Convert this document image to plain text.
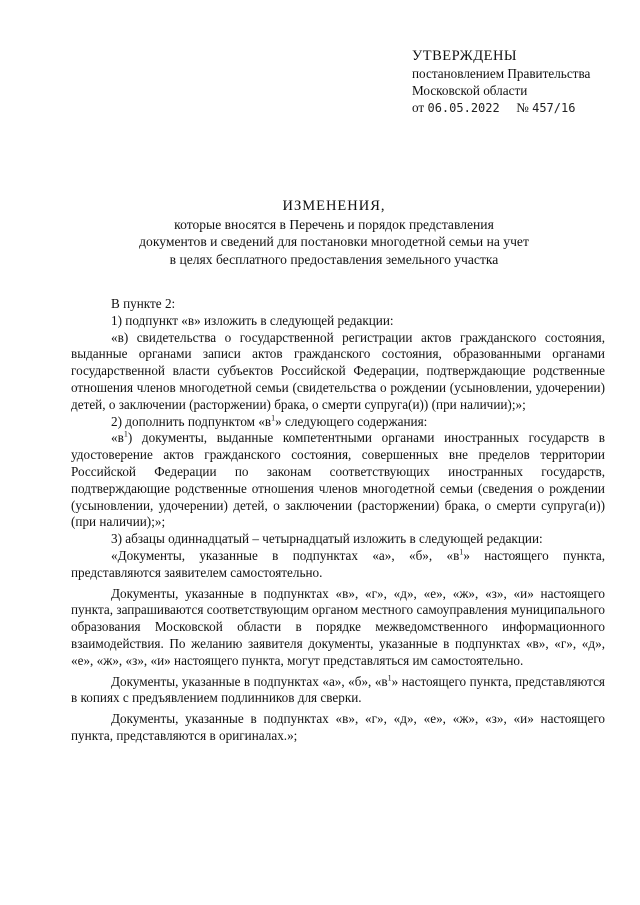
УТВЕРЖДЕНЫ
постановлением Правительства
Московской области
от 06.05.2022 № 457/16
ИЗМЕНЕНИЯ,
которые вносятся в Перечень и порядок представления
документов и сведений для постановки многодетной семьи на учет
в целях бесплатного предоставления земельного участка

В пункте 2:

1) подпункт «в» изложить в следующей редакции:

«в) свидетельства о государственной регистрации актов гражданского состояния, выданные органами записи актов гражданского состояния, образованными органами государственной власти субъектов Российской Федерации, подтверждающие родственные отношения членов многодетной семьи (свидетельства о рождении (усыновлении, удочерении) детей, о заключении (расторжении) брака, о смерти супруга(и)) (при наличии);»;

2) дополнить подпунктом «$в^1$» следующего содержания:

«$в^1$) документы, выданные компетентными органами иностранных государств в удостоверение актов гражданского состояния, совершенных вне пределов территории Российской Федерации по законам соответствующих иностранных государств, подтверждающие родственные отношения членов многодетной семьи (сведения о рождении (усыновлении, удочерении) детей, о заключении (расторжении) брака, о смерти супруга(и)) (при наличии);»;

3) абзацы одиннадцатый – четырнадцатый изложить в следующей редакции:

«Документы, указанные в подпунктах «а», «б», «$в^1$» настоящего пункта, представляются заявителем самостоятельно.

Документы, указанные в подпунктах «в», «г», «д», «е», «ж», «з», «и» настоящего пункта, запрашиваются соответствующим органом местного самоуправления муниципального образования Московской области в порядке межведомственного информационного взаимодействия. По желанию заявителя документы, указанные в подпунктах «в», «г», «д», «е», «ж», «з», «и» настоящего пункта, могут представляться им самостоятельно.

Документы, указанные в подпунктах «а», «б», «$в^1$» настоящего пункта, представляются в копиях с предъявлением подлинников для сверки.

Документы, указанные в подпунктах «в», «г», «д», «е», «ж», «з», «и» настоящего пункта, представляются в оригиналах.»;
